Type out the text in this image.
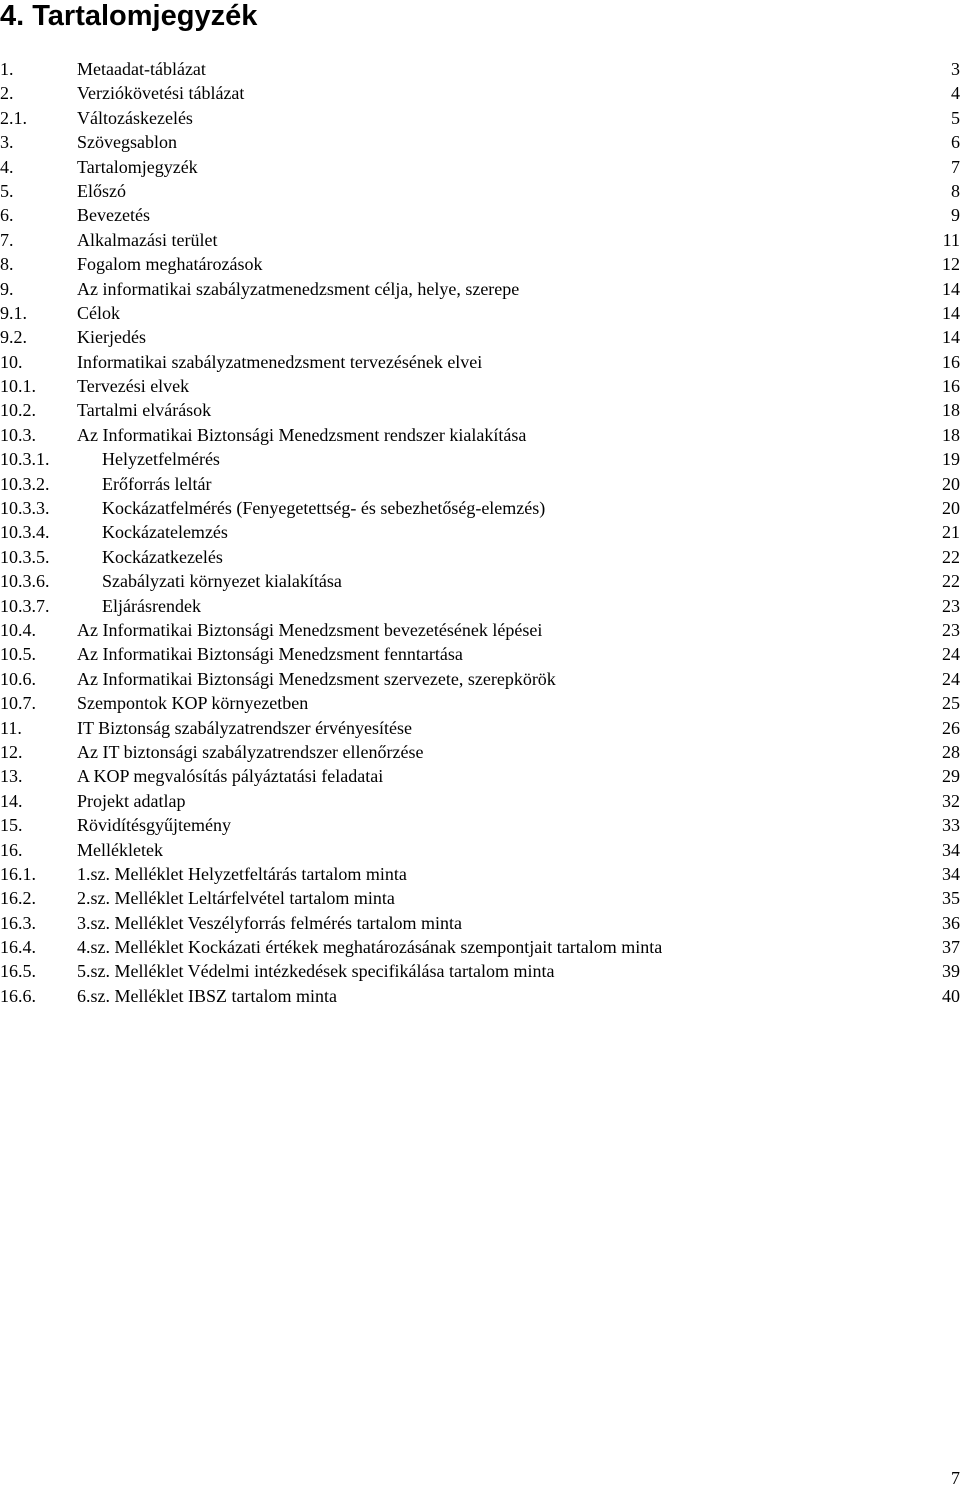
4. Tartalomjegyzék
1.	Metaadat-táblázat	3
2.	Verziókövetési táblázat	4
2.1.	Változáskezelés	5
3.	Szövegsablon	6
4.	Tartalomjegyzék	7
5.	Előszó	8
6.	Bevezetés	9
7.	Alkalmazási terület	11
8.	Fogalom meghatározások	12
9.	Az informatikai szabályzatmenedzsment célja, helye, szerepe	14
9.1.	Célok	14
9.2.	Kierjedés	14
10.	Informatikai szabályzatmenedzsment tervezésének elvei	16
10.1. Tervezési elvek	16
10.2. Tartalmi elvárások	18
10.3. Az Informatikai Biztonsági Menedzsment rendszer kialakítása	18
10.3.1.	Helyzetfelmérés	19
10.3.2.	Erőforrás leltár	20
10.3.3.	Kockázatfelmérés (Fenyegetettség- és sebezhetőség-elemzés)	20
10.3.4.	Kockázatelemzés	21
10.3.5.	Kockázatkezelés	22
10.3.6.	Szabályzati környezet kialakítása	22
10.3.7.	Eljárásrendek	23
10.4. Az Informatikai Biztonsági Menedzsment bevezetésének lépései	23
10.5. Az Informatikai Biztonsági Menedzsment fenntartása	24
10.6. Az Informatikai Biztonsági Menedzsment szervezete, szerepkörök	24
10.7. Szempontok KOP környezetben	25
11.	IT Biztonság szabályzatrendszer érvényesítése	26
12.	Az IT biztonsági szabályzatrendszer ellenőrzése	28
13.	A KOP megvalósítás pályáztatási feladatai	29
14.	Projekt adatlap	32
15.	Rövidítésgyűjtemény	33
16.	Mellékletek	34
16.1. 1.sz. Melléklet Helyzetfeltárás tartalom minta	34
16.2. 2.sz. Melléklet Leltárfelvétel tartalom minta	35
16.3. 3.sz. Melléklet Veszélyforrás felmérés tartalom minta	36
16.4. 4.sz. Melléklet Kockázati értékek meghatározásának szempontjait tartalom minta	37
16.5. 5.sz. Melléklet Védelmi intézkedések specifikálása tartalom minta	39
16.6. 6.sz. Melléklet IBSZ tartalom minta	40
7
